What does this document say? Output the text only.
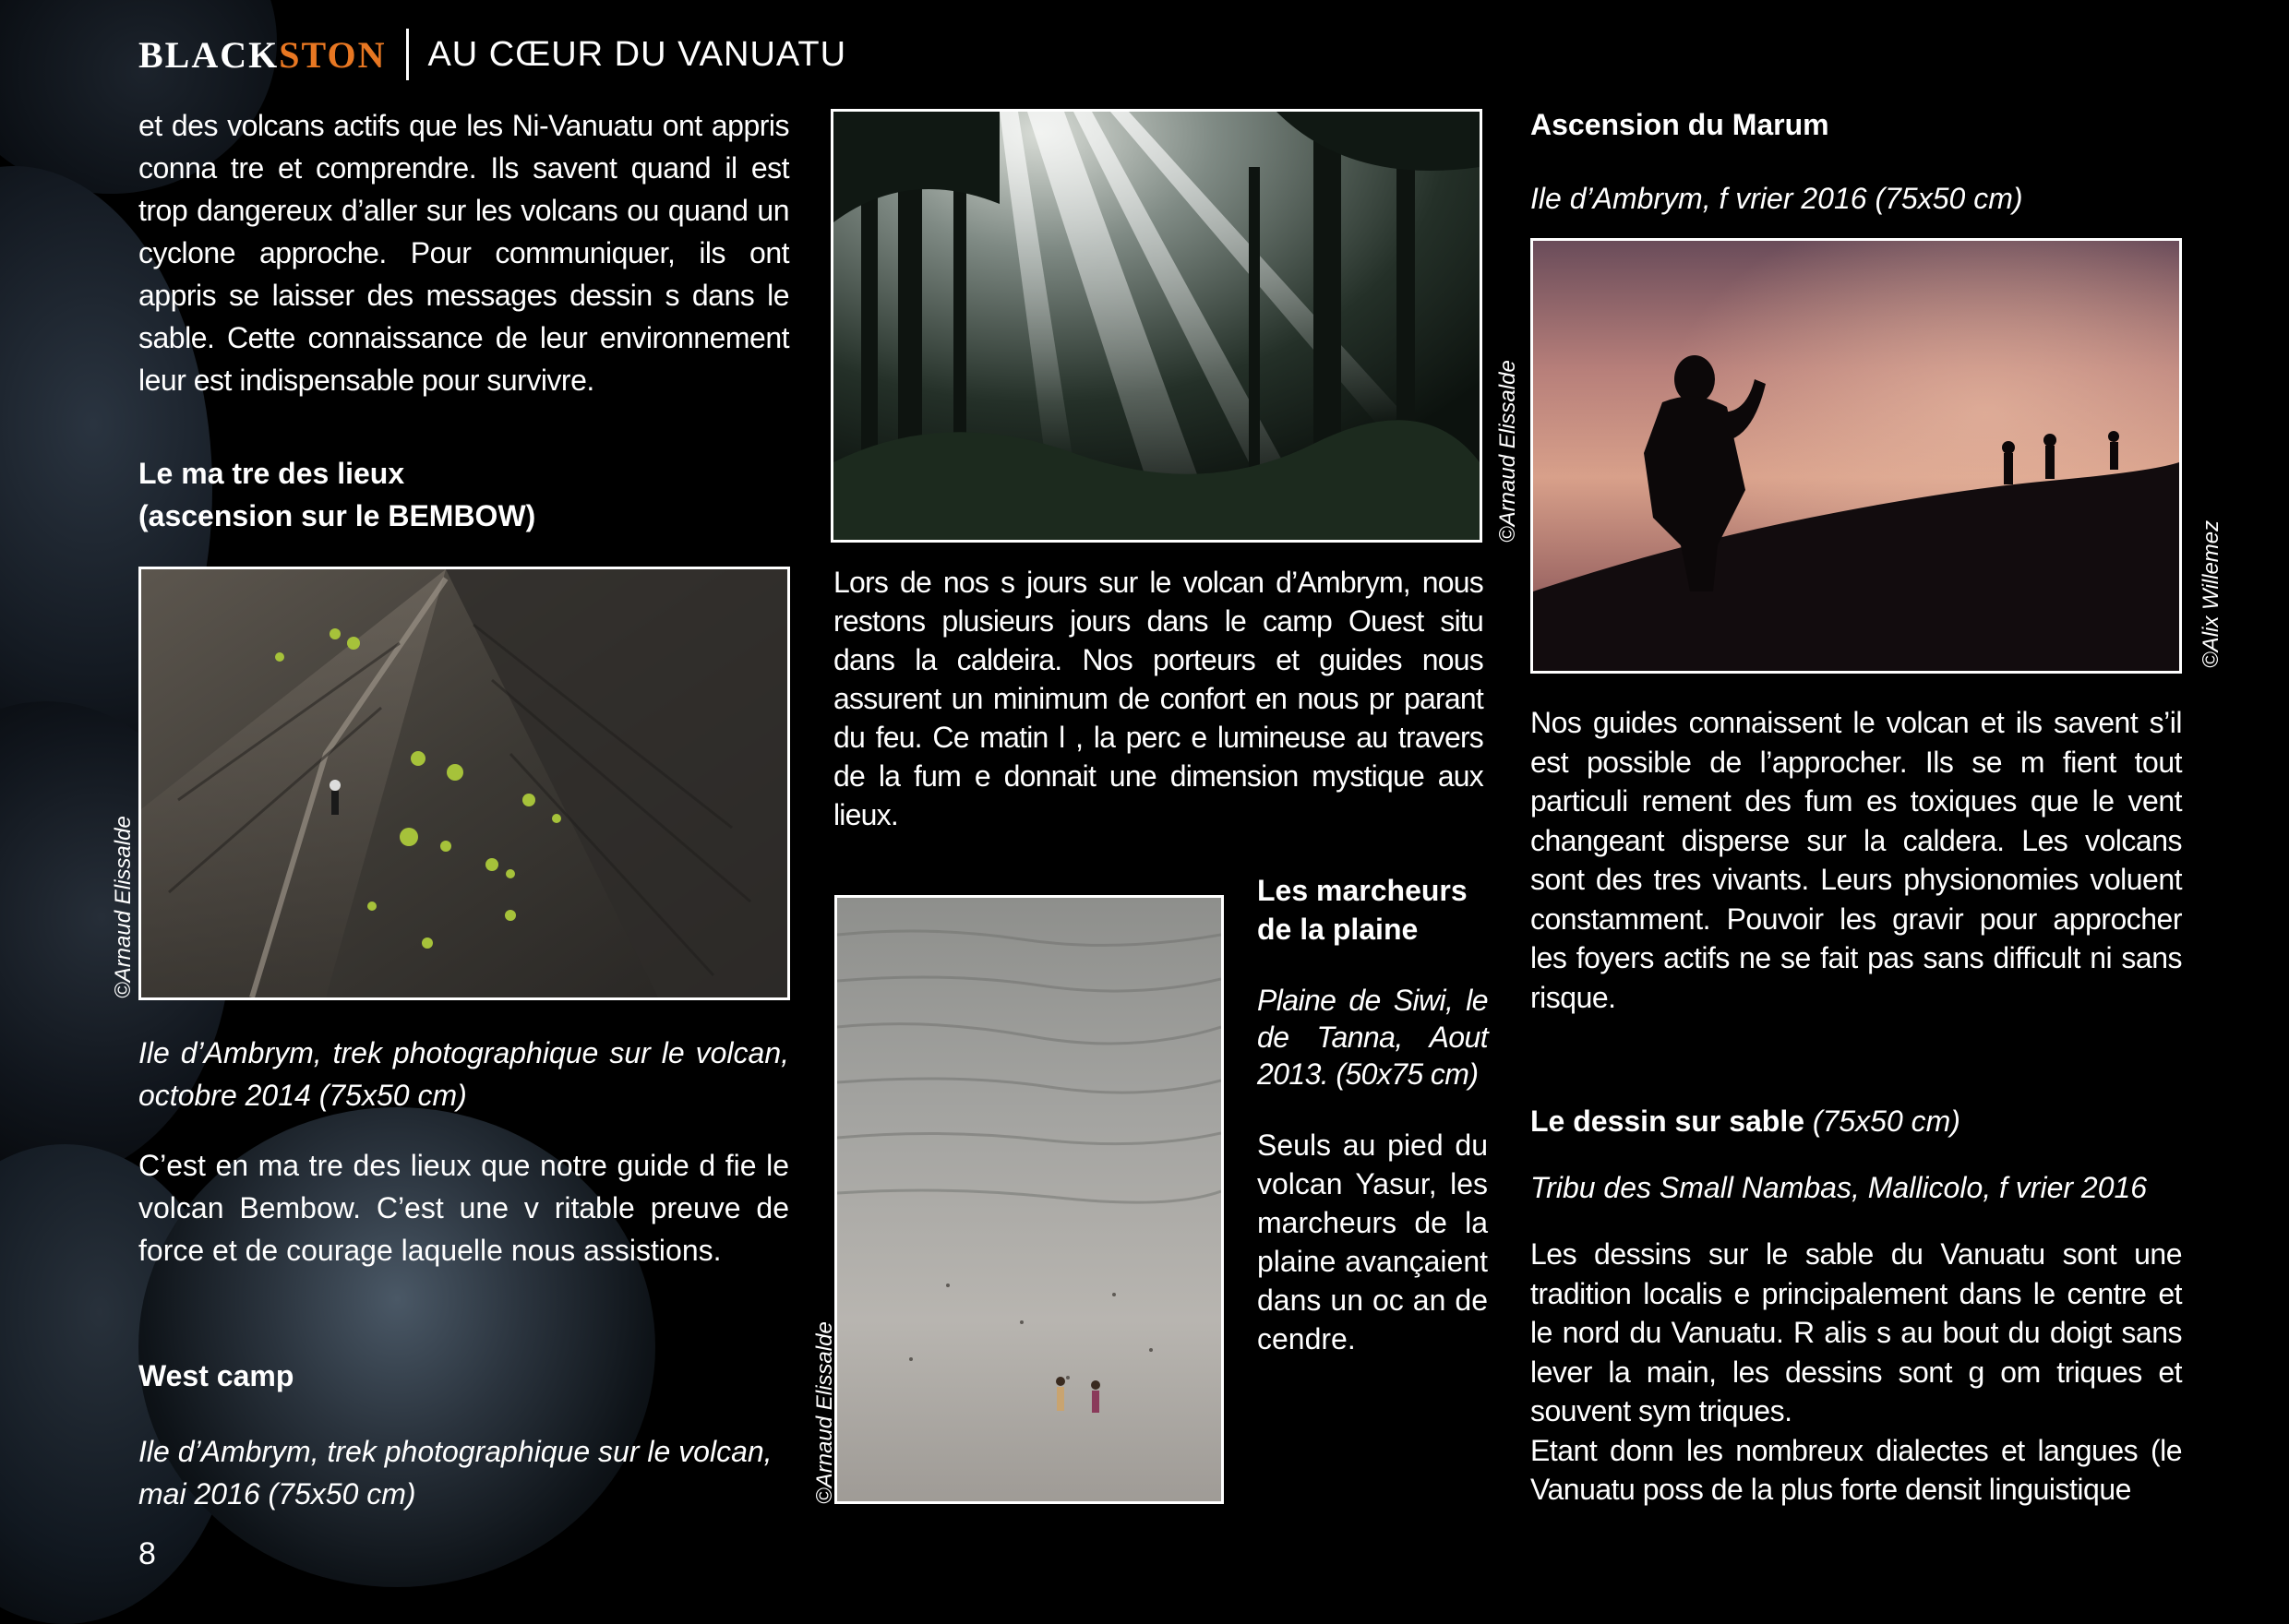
BLACKSTON AU CŒUR DU VANUATU
et des volcans actifs que les Ni-Vanuatu ont appris conna tre et comprendre. Ils savent quand il est trop dangereux d’aller sur les volcans ou quand un cyclone approche. Pour communiquer, ils ont appris se laisser des messages dessin s dans le sable. Cette connaissance de leur environnement leur est indispensable pour survivre.
Le ma tre des lieux
(ascension sur le BEMBOW)
©Arnaud Elissalde
Ile d’Ambrym, trek photographique sur le volcan, octobre 2014 (75x50 cm)
C’est en ma tre des lieux que notre guide d fie le volcan Bembow. C’est une v ritable preuve de force et de courage laquelle nous assistions.
West camp
Ile d’Ambrym, trek photographique sur le volcan, mai 2016 (75x50 cm)
8
©Arnaud Elissalde
Lors de nos s jours sur le volcan d’Ambrym, nous restons plusieurs jours dans le camp Ouest situ dans la caldeira. Nos porteurs et guides nous assurent un minimum de confort en nous pr parant du feu. Ce matin l , la perc e lumineuse au travers de la fum e donnait une dimension mystique aux lieux.
©Arnaud Elissalde
Les marcheurs
de la plaine
Plaine de Siwi, le de Tanna, Aout 2013. (50x75 cm)
Seuls au pied du volcan Yasur, les marcheurs de la plaine avançaient dans un oc an de cendre.
Ascension du Marum
Ile d’Ambrym, f vrier 2016 (75x50 cm)
©Alix Willemez
Nos guides connaissent le volcan et ils savent s’il est possible de l’approcher. Ils se m fient tout particuli rement des fum es toxiques que le vent changeant disperse sur la caldera. Les volcans sont des tres vivants. Leurs physionomies voluent constamment. Pouvoir les gravir pour approcher les foyers actifs ne se fait pas sans difficult ni sans risque.
Le dessin sur sable (75x50 cm)
Tribu des Small Nambas, Mallicolo, f vrier 2016
Les dessins sur le sable du Vanuatu sont une tradition localis e principalement dans le centre et le nord du Vanuatu. R alis s au bout du doigt sans lever la main, les dessins sont g om triques et souvent sym triques.
Etant donn les nombreux dialectes et langues (le Vanuatu poss de la plus forte densit linguistique
